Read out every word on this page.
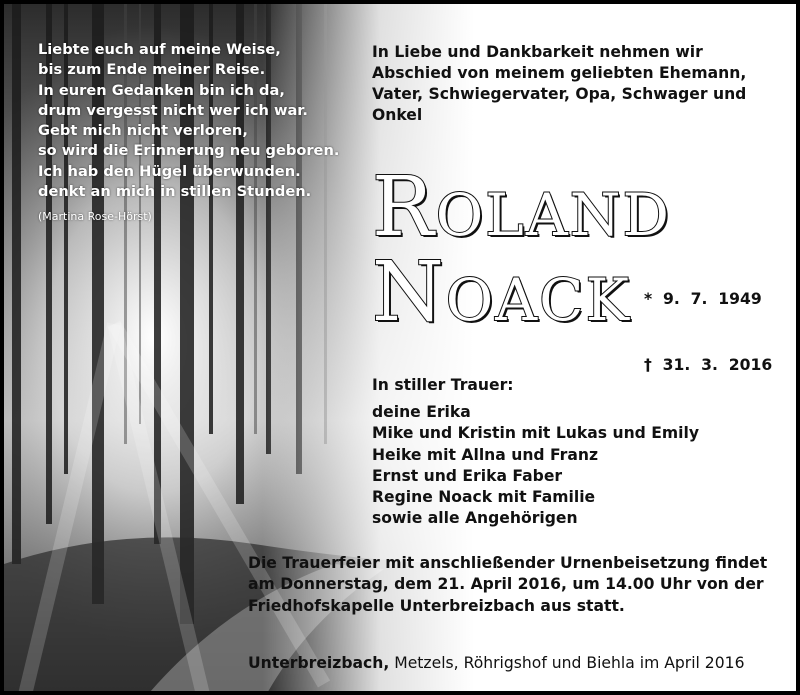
Liebte euch auf meine Weise,
bis zum Ende meiner Reise.
In euren Gedanken bin ich da,
drum vergesst nicht wer ich war.
Gebt mich nicht verloren,
so wird die Erinnerung neu geboren.
Ich hab den Hügel überwunden.
denkt an mich in stillen Stunden.
(Martina Rose-Hörst)
In Liebe und Dankbarkeit nehmen wir
Abschied von meinem geliebten Ehemann,
Vater, Schwiegervater, Opa, Schwager und
Onkel
ROLAND
NOACK

*  9.  7.  1949

†  31.  3.  2016

In stiller Trauer:
deine Erika
Mike und Kristin mit Lukas und Emily
Heike mit Allna und Franz
Ernst und Erika Faber
Regine Noack mit Familie
sowie alle Angehörigen
Die Trauerfeier mit anschließender Urnenbeisetzung findet
am Donnerstag, dem 21. April 2016, um 14.00 Uhr von der
Friedhofskapelle Unterbreizbach aus statt.
Unterbreizbach, Metzels, Röhrigshof und Biehla im April 2016
